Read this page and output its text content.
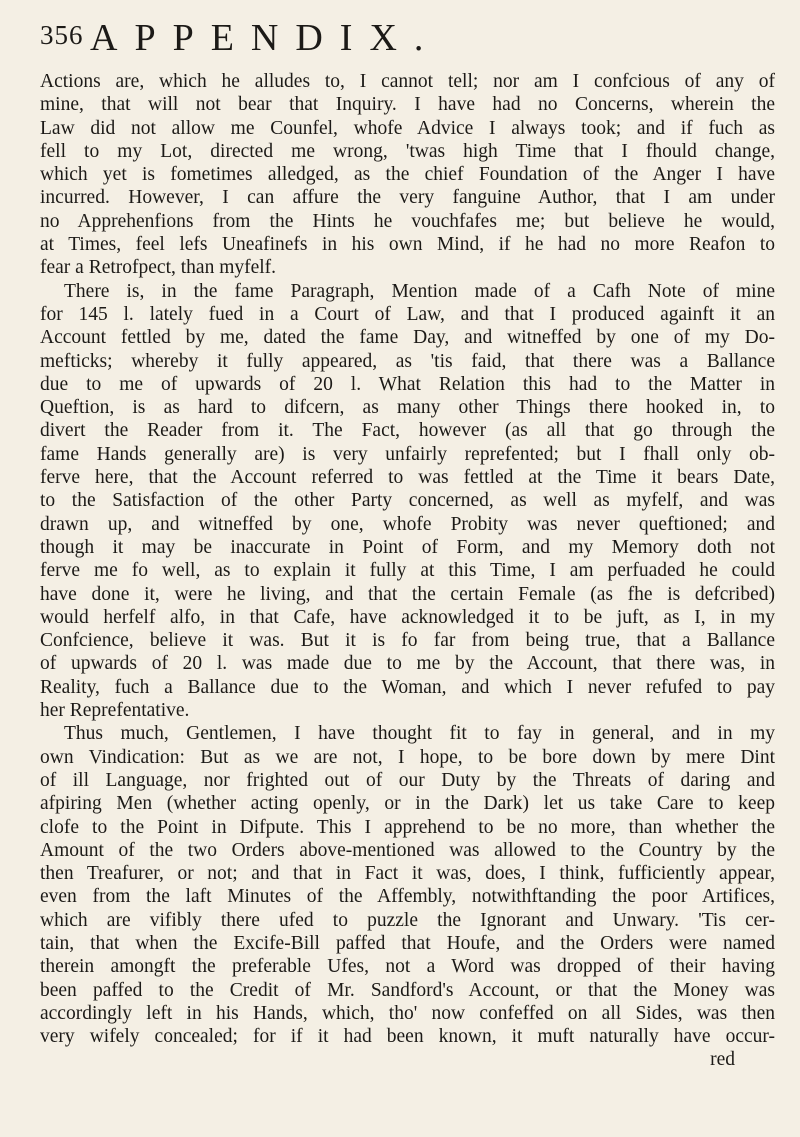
356 APPENDIX.
Actions are, which he alludes to, I cannot tell; nor am I confcious of any of
mine, that will not bear that Inquiry. I have had no Concerns, wherein the
Law did not allow me Counfel, whofe Advice I always took; and if fuch as
fell to my Lot, directed me wrong, 'twas high Time that I fhould change,
which yet is fometimes alledged, as the chief Foundation of the Anger I have
incurred. However, I can affure the very fanguine Author, that I am under
no Apprehenfions from the Hints he vouchfafes me; but believe he would,
at Times, feel lefs Uneafinefs in his own Mind, if he had no more Reafon to
fear a Retrofpect, than myfelf.
There is, in the fame Paragraph, Mention made of a Cafh Note of mine
for 145 l. lately fued in a Court of Law, and that I produced againft it an
Account fettled by me, dated the fame Day, and witneffed by one of my Do-
mefticks; whereby it fully appeared, as 'tis faid, that there was a Ballance
due to me of upwards of 20 l. What Relation this had to the Matter in
Queftion, is as hard to difcern, as many other Things there hooked in, to
divert the Reader from it. The Fact, however (as all that go through the
fame Hands generally are) is very unfairly reprefented; but I fhall only ob-
ferve here, that the Account referred to was fettled at the Time it bears Date,
to the Satisfaction of the other Party concerned, as well as myfelf, and was
drawn up, and witneffed by one, whofe Probity was never queftioned; and
though it may be inaccurate in Point of Form, and my Memory doth not
ferve me fo well, as to explain it fully at this Time, I am perfuaded he could
have done it, were he living, and that the certain Female (as fhe is defcribed)
would herfelf alfo, in that Cafe, have acknowledged it to be juft, as I, in my
Confcience, believe it was. But it is fo far from being true, that a Ballance
of upwards of 20 l. was made due to me by the Account, that there was, in
Reality, fuch a Ballance due to the Woman, and which I never refufed to pay
her Reprefentative.
Thus much, Gentlemen, I have thought fit to fay in general, and in my
own Vindication: But as we are not, I hope, to be bore down by mere Dint
of ill Language, nor frighted out of our Duty by the Threats of daring and
afpiring Men (whether acting openly, or in the Dark) let us take Care to keep
clofe to the Point in Difpute. This I apprehend to be no more, than whether the
Amount of the two Orders above-mentioned was allowed to the Country by the
then Treafurer, or not; and that in Fact it was, does, I think, fufficiently appear,
even from the laft Minutes of the Affembly, notwithftanding the poor Artifices,
which are vifibly there ufed to puzzle the Ignorant and Unwary. 'Tis cer-
tain, that when the Excife-Bill paffed that Houfe, and the Orders were named
therein amongft the preferable Ufes, not a Word was dropped of their having
been paffed to the Credit of Mr. Sandford's Account, or that the Money was
accordingly left in his Hands, which, tho' now confeffed on all Sides, was then
very wifely concealed; for if it had been known, it muft naturally have occur-
red
